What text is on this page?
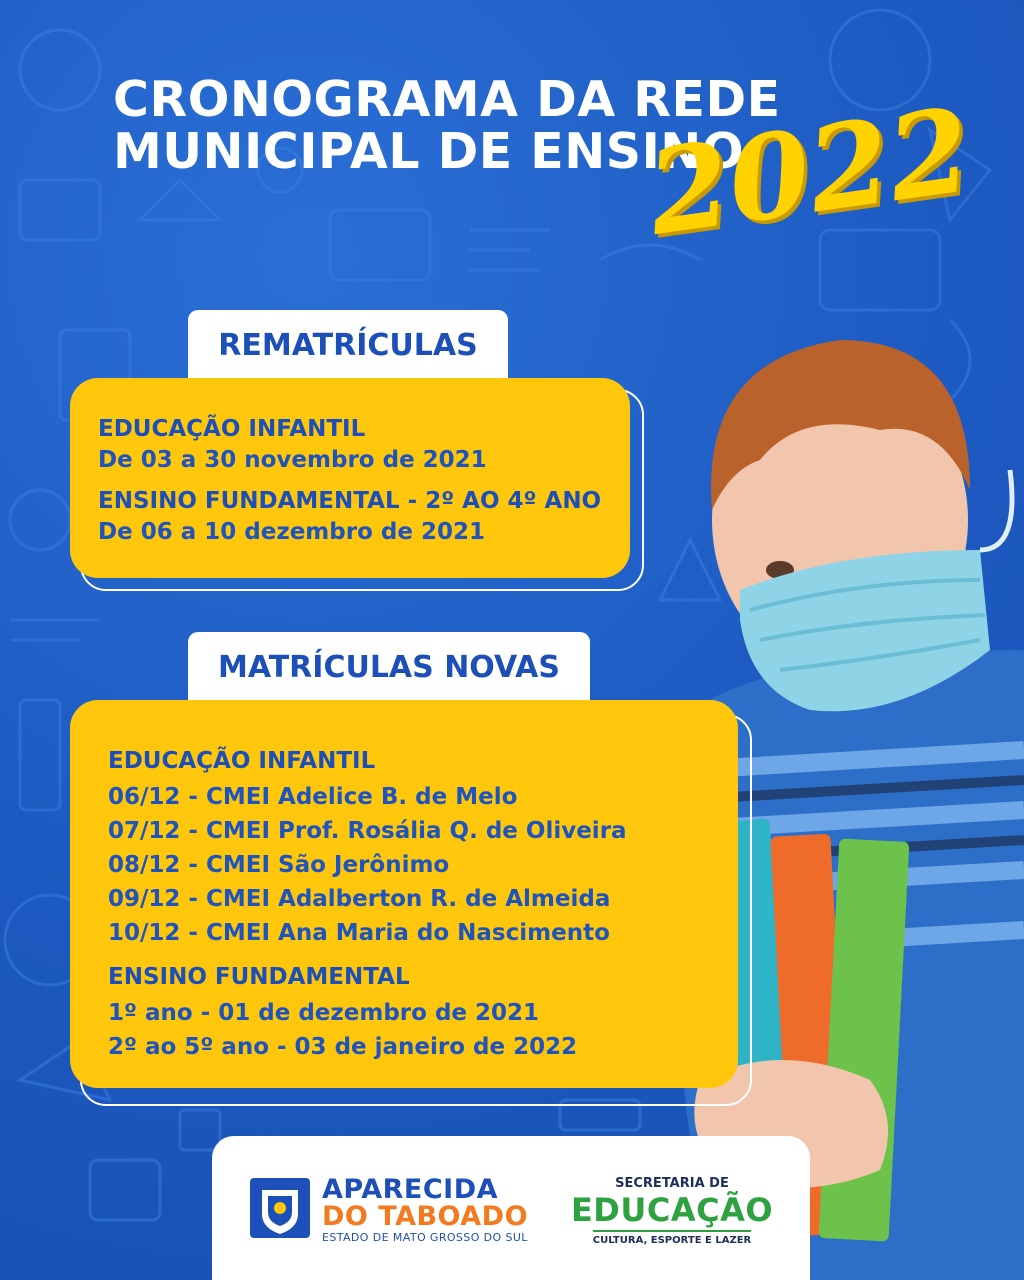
CRONOGRAMA DA REDE
MUNICIPAL DE ENSINO
2022
REMATRÍCULAS
EDUCAÇÃO INFANTIL
De 03 a 30 novembro de 2021
ENSINO FUNDAMENTAL - 2º AO 4º ANO
De 06 a 10 dezembro de 2021
MATRÍCULAS NOVAS
EDUCAÇÃO INFANTIL
06/12 - CMEI Adelice B. de Melo
07/12 - CMEI Prof. Rosália Q. de Oliveira
08/12 - CMEI São Jerônimo
09/12 - CMEI Adalberton R. de Almeida
10/12 - CMEI Ana Maria do Nascimento
ENSINO FUNDAMENTAL
1º ano - 01 de dezembro de 2021
2º ao 5º ano - 03 de janeiro de 2022
APARECIDA
DO TABOADO
ESTADO DE MATO GROSSO DO SUL
SECRETARIA DE
EDUCAÇÃO
CULTURA, ESPORTE E LAZER
